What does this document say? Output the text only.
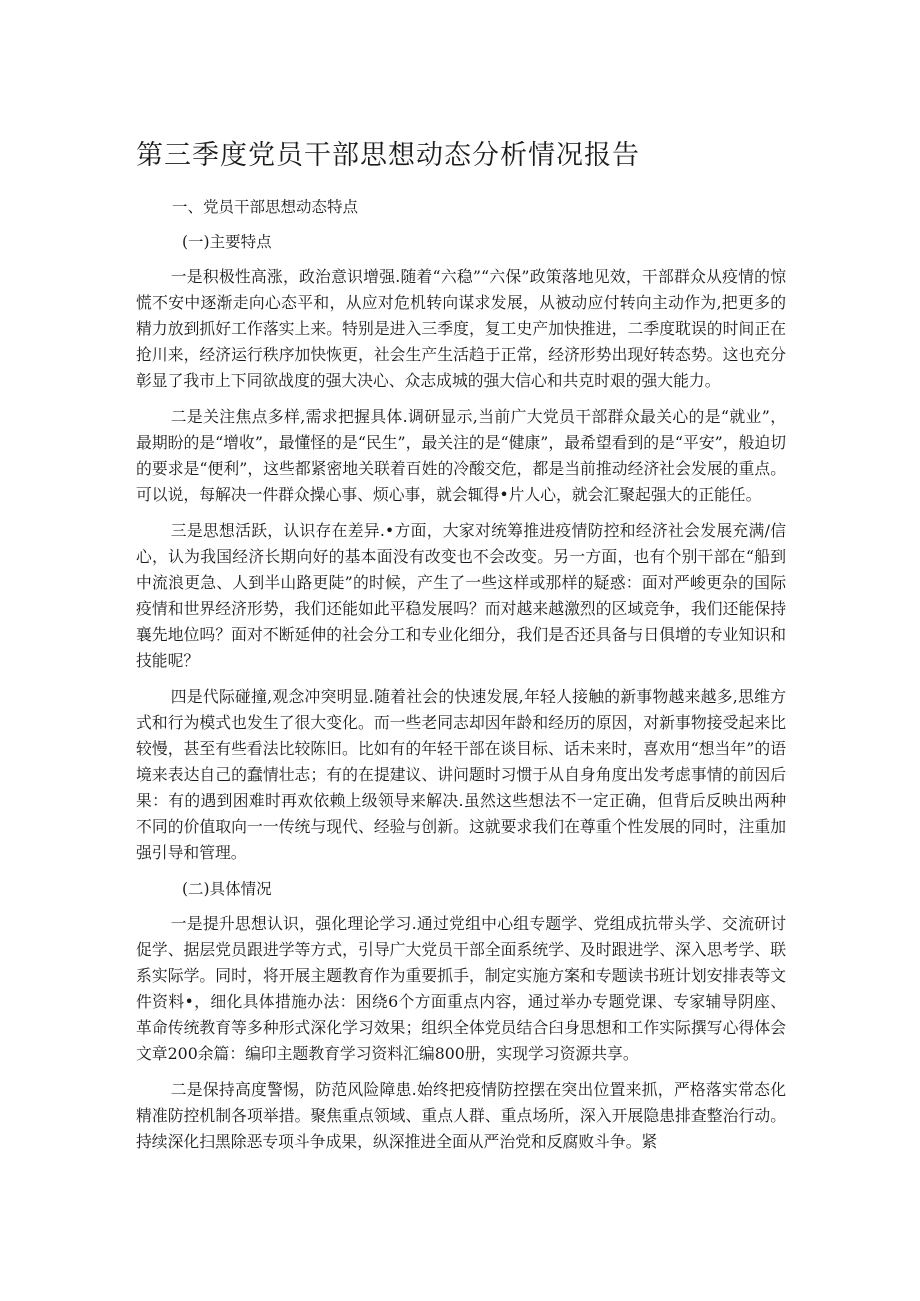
第三季度党员干部思想动态分析情况报告

一、党员干部思想动态特点

(一)主要特点

一是积极性高涨，政治意识增强.随着“六稳”“六保”政策落地见效，干部群众从疫情的惊慌不安中逐渐走向心态平和，从应对危机转向谋求发展，从被动应付转向主动作为,把更多的精力放到抓好工作落实上来。特别是进入三季度，复工史产加快推进，二季度耽误的时间正在抢川来，经济运行秩序加快恢更，社会生产生活趋于正常，经济形势出现好转态势。这也充分彰显了我市上下同欲战度的强大决心、众志成城的强大信心和共克时艰的强大能力。

二是关注焦点多样,需求把握具体.调研显示,当前广大党员干部群众最关心的是“就业”，最期盼的是“增收”，最懂怪的是“民生”，最关注的是“健康”，最希望看到的是“平安”，般迫切的要求是“便利”，这些都紧密地关联着百姓的冷酸交危，都是当前推动经济社会发展的重点。可以说，每解决一件群众操心事、烦心事，就会辄得•片人心，就会汇聚起强大的正能任。

三是思想活跃，认识存在差异.•方面，大家对统筹推进疫情防控和经济社会发展充满/信心，认为我国经济长期向好的基本面没有改变也不会改变。另一方面，也有个别干部在“船到中流浪更急、人到半山路更陡”的时候，产生了一些这样或那样的疑惑：面对严峻更杂的国际疫情和世界经济形势，我们还能如此平稳发展吗？而对越来越激烈的区域竞争，我们还能保持襄先地位吗？面对不断延伸的社会分工和专业化细分，我们是否还具备与日俱增的专业知识和技能呢？

四是代际碰撞,观念冲突明显.随着社会的快速发展,年轻人接触的新事物越来越多,思维方式和行为模式也发生了很大变化。而一些老同志却因年龄和经历的原因，对新事物接受起来比较慢，甚至有些看法比较陈旧。比如有的年轻干部在谈目标、话未来时，喜欢用“想当年”的语境来表达自己的蠢情壮志；有的在提建议、讲问题时习惯于从自身角度出发考虑事情的前因后果：有的遇到困难时再欢依赖上级领导来解决.虽然这些想法不一定正确，但背后反映出两种不同的价值取向一一传统与现代、经验与创新。这就要求我们在尊重个性发展的同时，注重加强引导和管理。

(二)具体情况

一是提升思想认识，强化理论学习.通过党组中心组专题学、党组成抗带头学、交流研讨促学、据层党员跟进学等方式，引导广大党员干部全面系统学、及时跟进学、深入思考学、联系实际学。同时，将开展主题教育作为重要抓手，制定实施方案和专题读书班计划安排表等文件资料•，细化具体措施办法：困绕6个方面重点内容，通过举办专题党课、专家辅导阴座、革命传统教育等多种形式深化学习效果；组织全体党员结合臼身思想和工作实际撰写心得体会文章200余篇：编印主题教育学习资料汇编800册，实现学习资源共享。

二是保持高度警惕，防范风险障患.始终把疫情防控摆在突出位置来抓，严格落实常态化精准防控机制各项举措。聚焦重点领域、重点人群、重点场所，深入开展隐患排查整治行动。持续深化扫黑除恶专项斗争成果，纵深推进全面从严治党和反腐败斗争。紧
